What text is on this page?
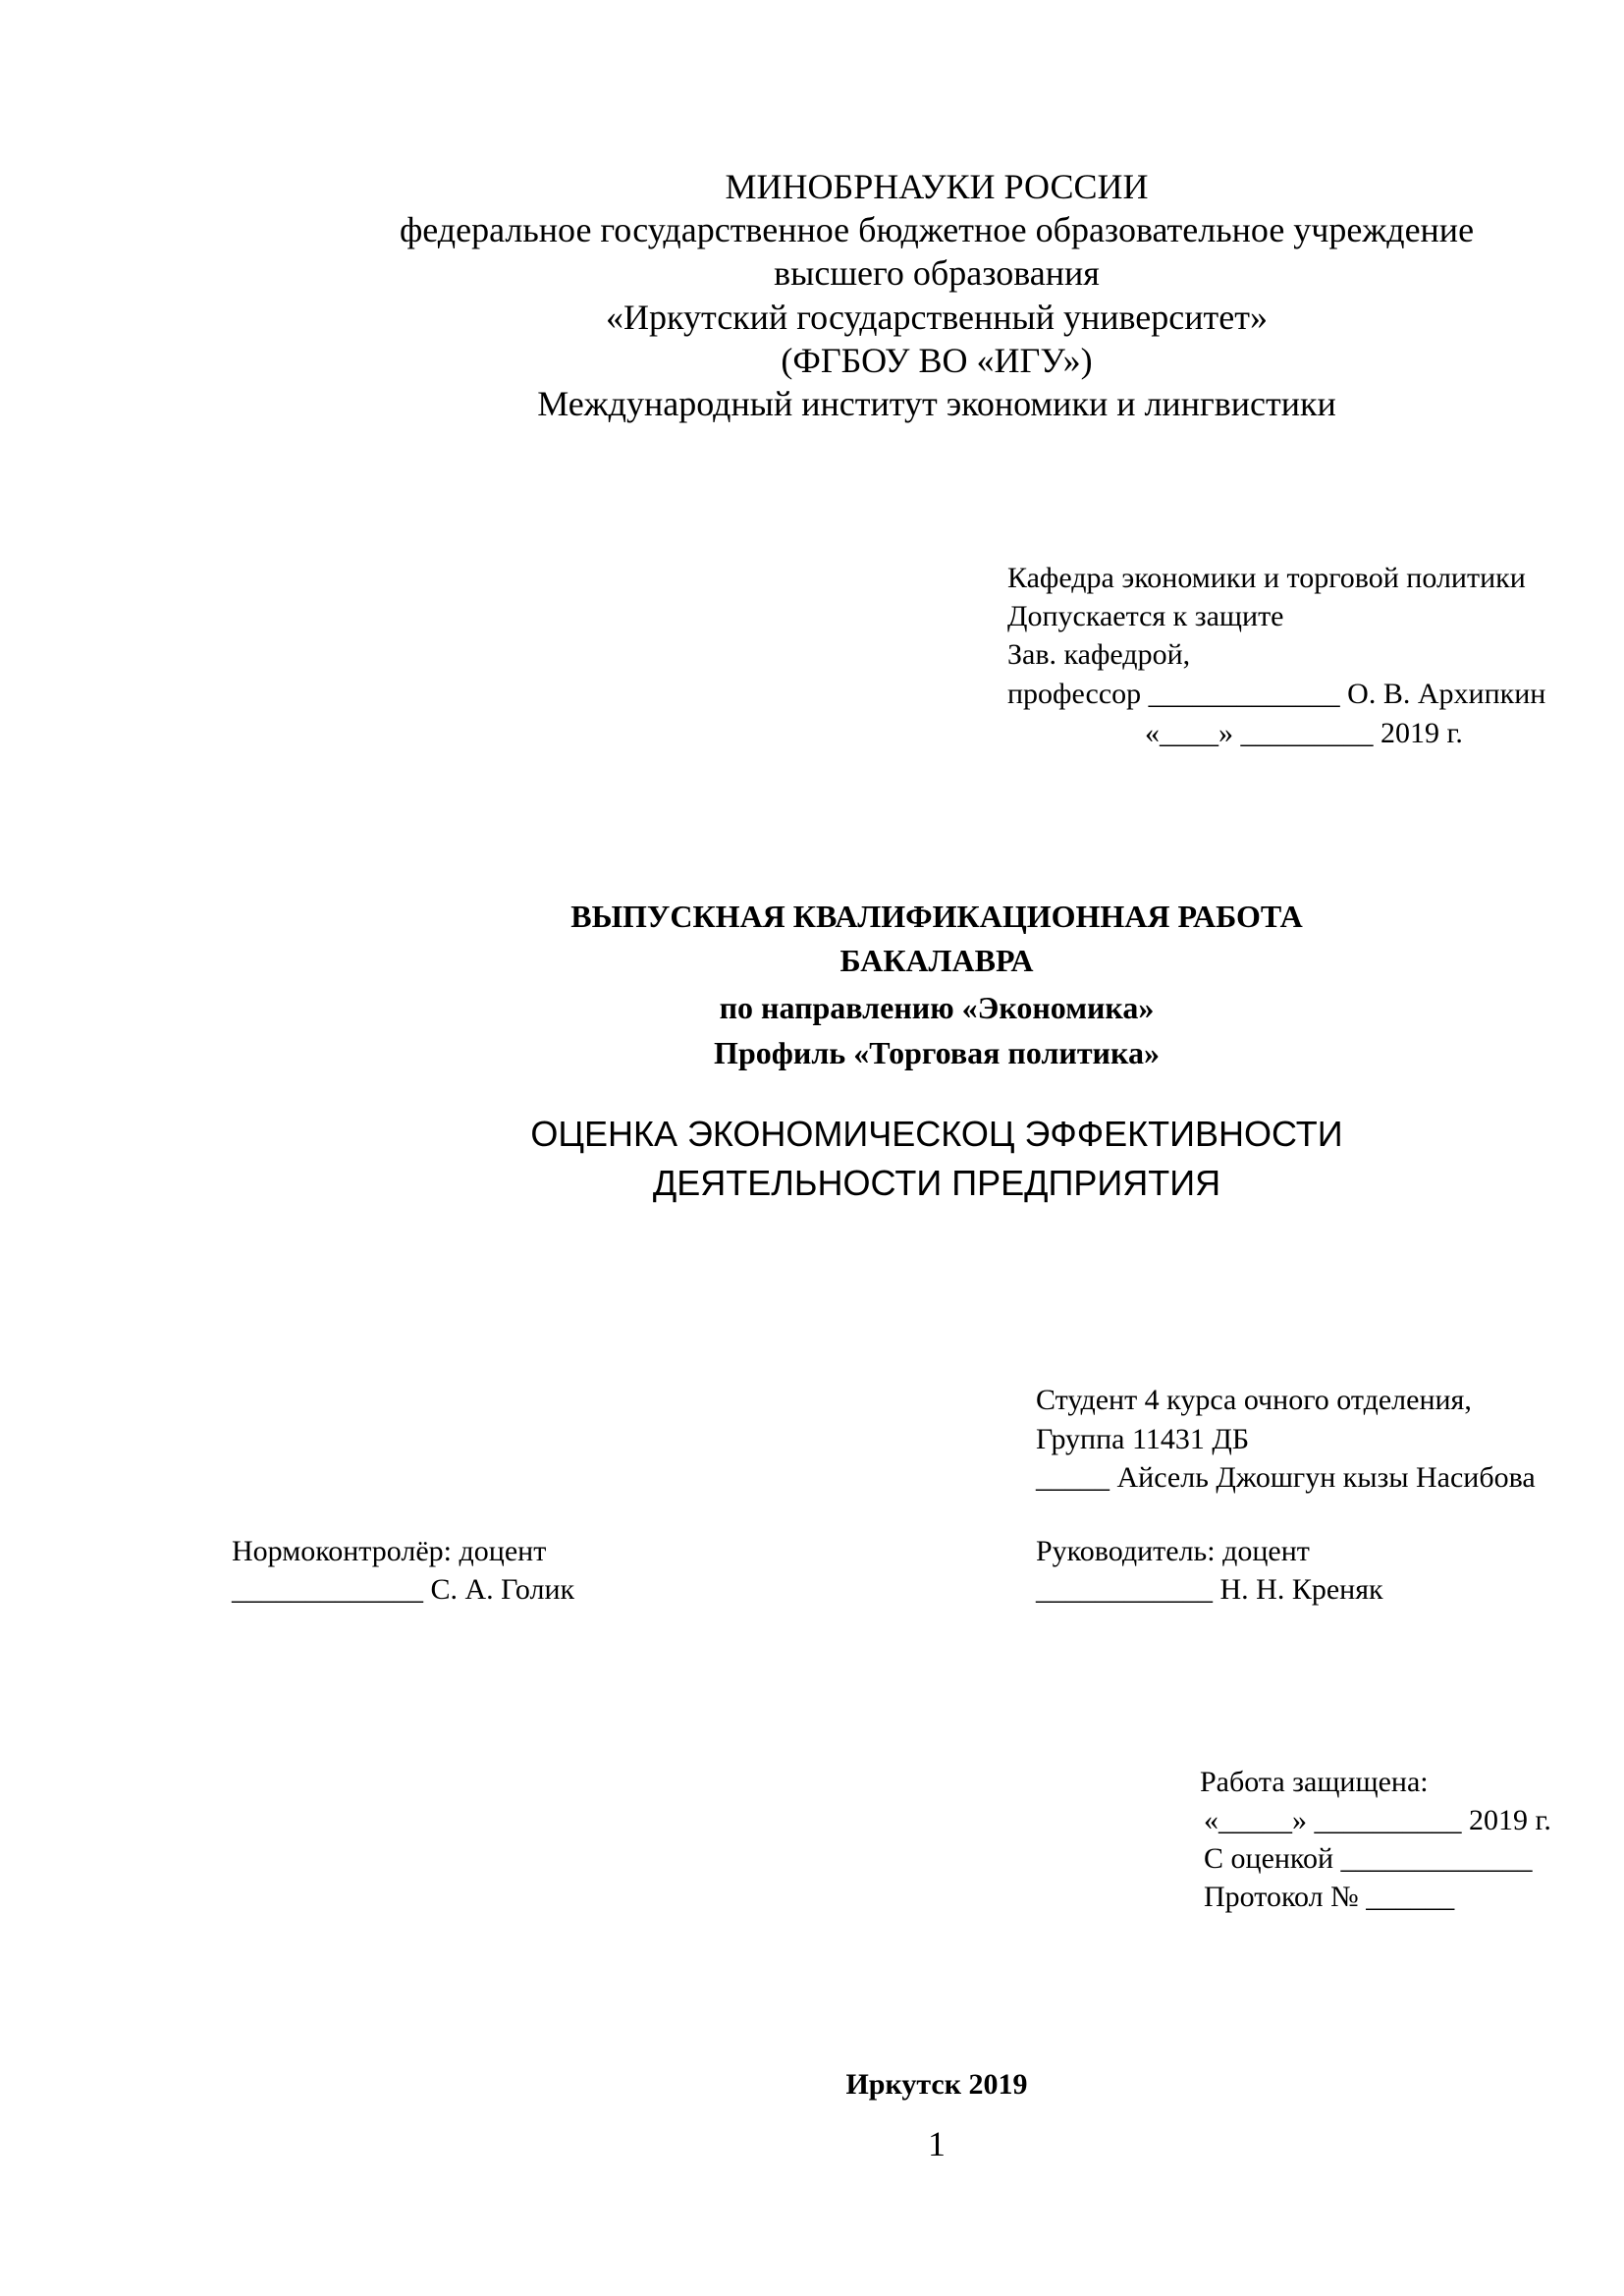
МИНОБРНАУКИ РОССИИ
федеральное государственное бюджетное образовательное учреждение
высшего образования
«Иркутский государственный университет»
(ФГБОУ ВО «ИГУ»)
Международный институт экономики и лингвистики
Кафедра экономики и торговой политики
Допускается к защите
Зав. кафедрой,
профессор _____________ О. В. Архипкин
«____» _________ 2019 г.
ВЫПУСКНАЯ КВАЛИФИКАЦИОННАЯ РАБОТА
БАКАЛАВРА
по направлению «Экономика»
Профиль «Торговая политика»
ОЦЕНКА ЭКОНОМИЧЕСКОЦ ЭФФЕКТИВНОСТИ
ДЕЯТЕЛЬНОСТИ ПРЕДПРИЯТИЯ
Студент 4 курса очного отделения,
Группа 11431 ДБ
_____ Айсель Джошгун кызы Насибова
Нормоконтролёр: доцент
_____________ С. А. Голик
Руководитель: доцент
____________ Н. Н. Креняк
Работа защищена:
«_____» __________ 2019 г.
С оценкой _____________
Протокол № ______
Иркутск 2019
1
